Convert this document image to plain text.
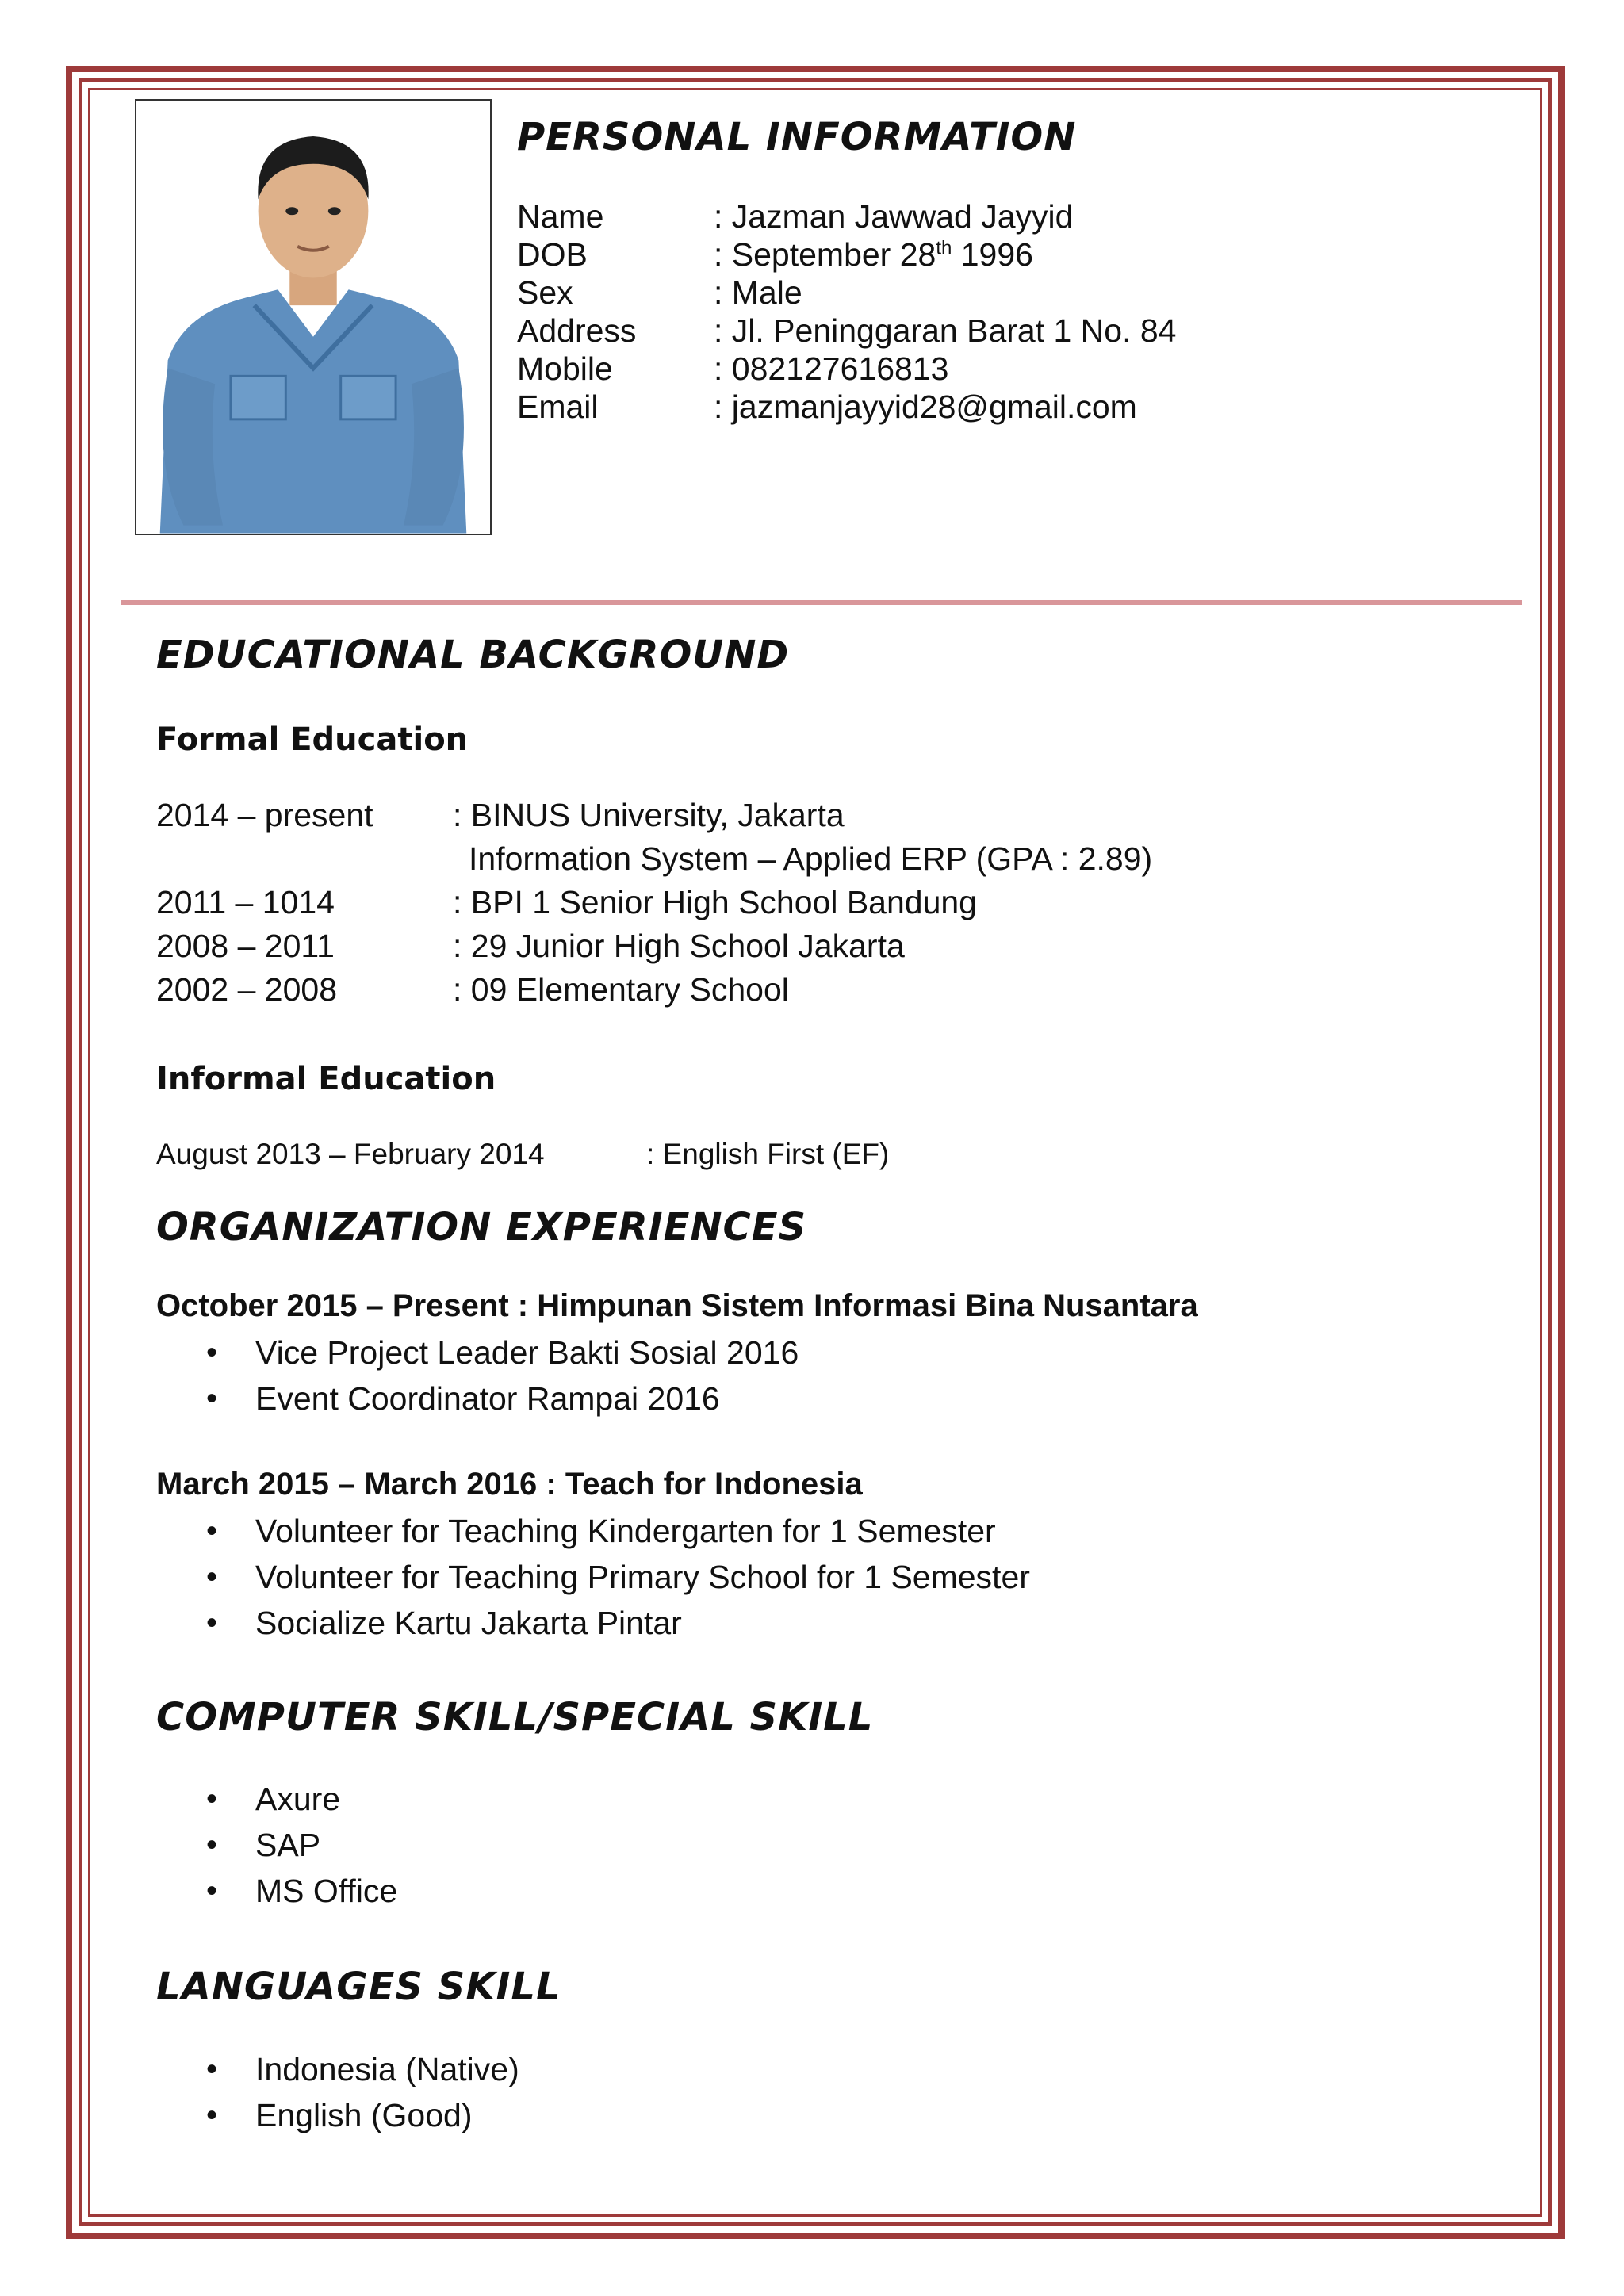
PERSONAL INFORMATION
Name	: Jazman Jawwad Jayyid
DOB	: September 28th 1996
Sex	: Male
Address : Jl. Peninggaran Barat 1 No. 84
Mobile	: 082127616813
Email	: jazmanjayyid28@gmail.com
EDUCATIONAL BACKGROUND
Formal Education
2014 – present : BINUS University, Jakarta
Information System – Applied ERP (GPA : 2.89)
2011 – 1014	: BPI 1 Senior High School Bandung
2008 – 2011	: 29 Junior High School Jakarta
2002 – 2008	: 09 Elementary School
Informal Education
August 2013 – February 2014	: English First (EF)
ORGANIZATION EXPERIENCES
October 2015 – Present : Himpunan Sistem Informasi Bina Nusantara
• Vice Project Leader Bakti Sosial 2016
• Event Coordinator Rampai 2016
March 2015 – March 2016 : Teach for Indonesia
• Volunteer for Teaching Kindergarten for 1 Semester
• Volunteer for Teaching Primary School for 1 Semester
• Socialize Kartu Jakarta Pintar
COMPUTER SKILL/SPECIAL SKILL
• Axure
• SAP
• MS Office
LANGUAGES SKILL
• Indonesia (Native)
• English (Good)
